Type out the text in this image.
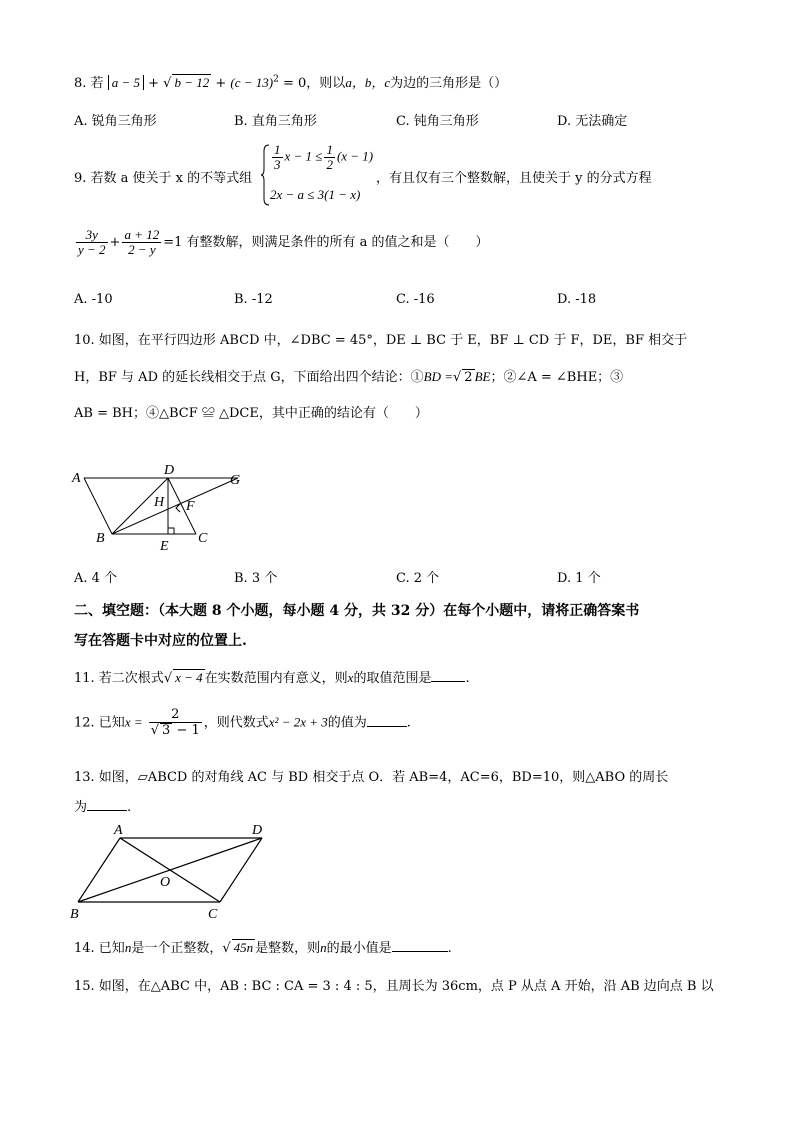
8. 若 a − 5 + √ $b - 12 + (c - 13)^2 = 0$，则以a，b，c为边的三角形是（）
A. 锐角三角形	B. 直角三角形	C. 钝角三角形	D. 无法确定
9. 若数 a 使关于 x 的不等式组
$\frac{1}{3}$ $x - 1 \le \frac{1}{2} (x - 1)$
2x − a ≤ 3(1 − x)
，有且仅有三个整数解，且使关于 y 的分式方程
$\frac{3y}{y - 2} + \frac{a + 12}{2 - y} =1$ 有整数解，则满足条件的所有 a 的值之和是（　　）
A. -10	B. -12	C. -16	D. -18
10. 如图，在平行四边形 ABCD 中，∠DBC = 45°，DE ⊥ BC 于 E，BF ⊥ CD 于 F，DE，BF 相交于
H，BF 与 AD 的延长线相交于点 G，下面给出四个结论：①BD =√ 2 BE；②∠A = ∠BHE；③
AB = BH；④△BCF ≌ △DCE，其中正确的结论有（　　）
A
D
G
H F
B
E
C
A. 4 个	B. 3 个	C. 2 个	D. 1 个
二、填空题：（本大题 8 个小题，每小题 4 分，共 32 分）在每个小题中，请将正确答案书
写在答题卡中对应的位置上.
11. 若二次根式√ x − 4 在实数范围内有意义，则x的取值范围是	.
12. 已知$x = \frac{2}{√ 3 - 1}$ ，则代数式x² − 2x + 3的值为	.
13. 如图，▱ABCD 的对角线 AC 与 BD 相交于点 O．若 AB=4，AC=6，BD=10，则△ABO 的周长
为	.
A	D
O
B	C
14. 已知n是一个正整数，√ 45n 是整数，则n的最小值是	.
15. 如图，在△ABC 中，AB : BC : CA = 3 : 4 : 5，且周长为 36cm，点 P 从点 A 开始，沿 AB 边向点 B 以
